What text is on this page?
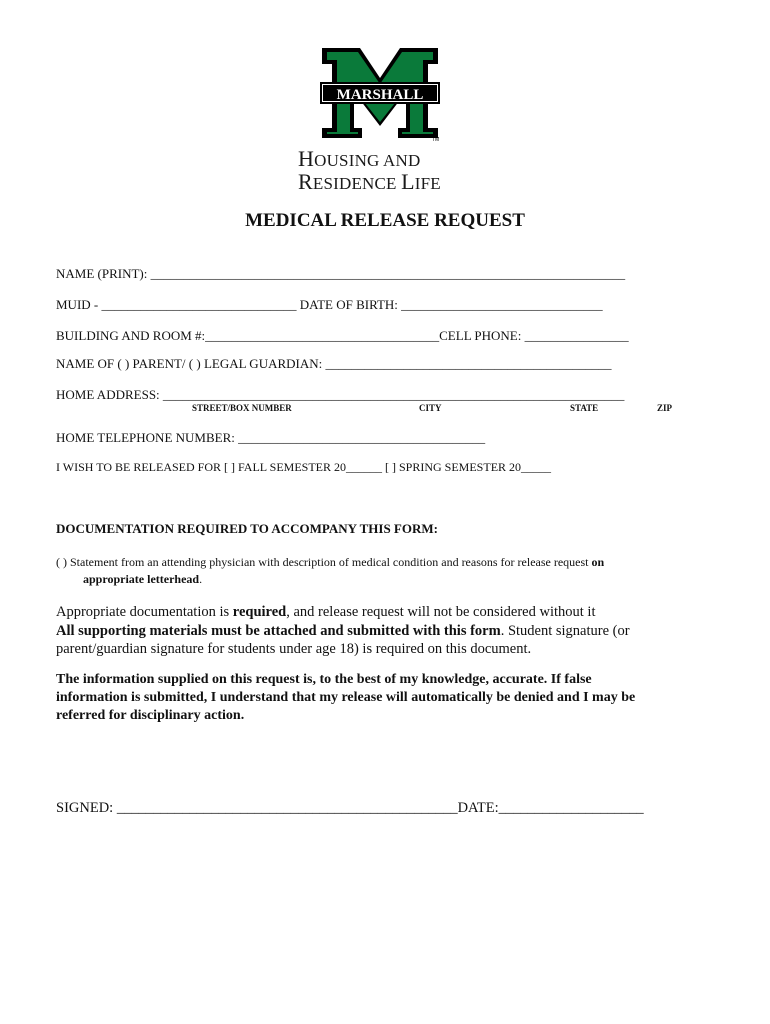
MARSHALL
TM
HOUSING AND
RESIDENCE LIFE
MEDICAL RELEASE REQUEST
NAME (PRINT): _________________________________________________________________________
MUID - ______________________________ DATE OF BIRTH: _______________________________
BUILDING AND ROOM #:____________________________________CELL PHONE: ________________
NAME OF ( ) PARENT/ ( ) LEGAL GUARDIAN: ____________________________________________
HOME ADDRESS: _______________________________________________________________________
STREET/BOX NUMBER	CITY	STATE	ZIP
HOME TELEPHONE NUMBER: ______________________________________
I WISH TO BE RELEASED FOR [ ] FALL SEMESTER 20______ [ ] SPRING SEMESTER 20_____
DOCUMENTATION REQUIRED TO ACCOMPANY THIS FORM:
( ) Statement from an attending physician with description of medical condition and reasons for release request on
appropriate letterhead.
Appropriate documentation is required, and release request will not be considered without it
All supporting materials must be attached and submitted with this form. Student signature (or
parent/guardian signature for students under age 18) is required on this document.
The information supplied on this request is, to the best of my knowledge, accurate. If false
information is submitted, I understand that my release will automatically be denied and I may be
referred for disciplinary action.
SIGNED: _______________________________________________DATE:____________________
